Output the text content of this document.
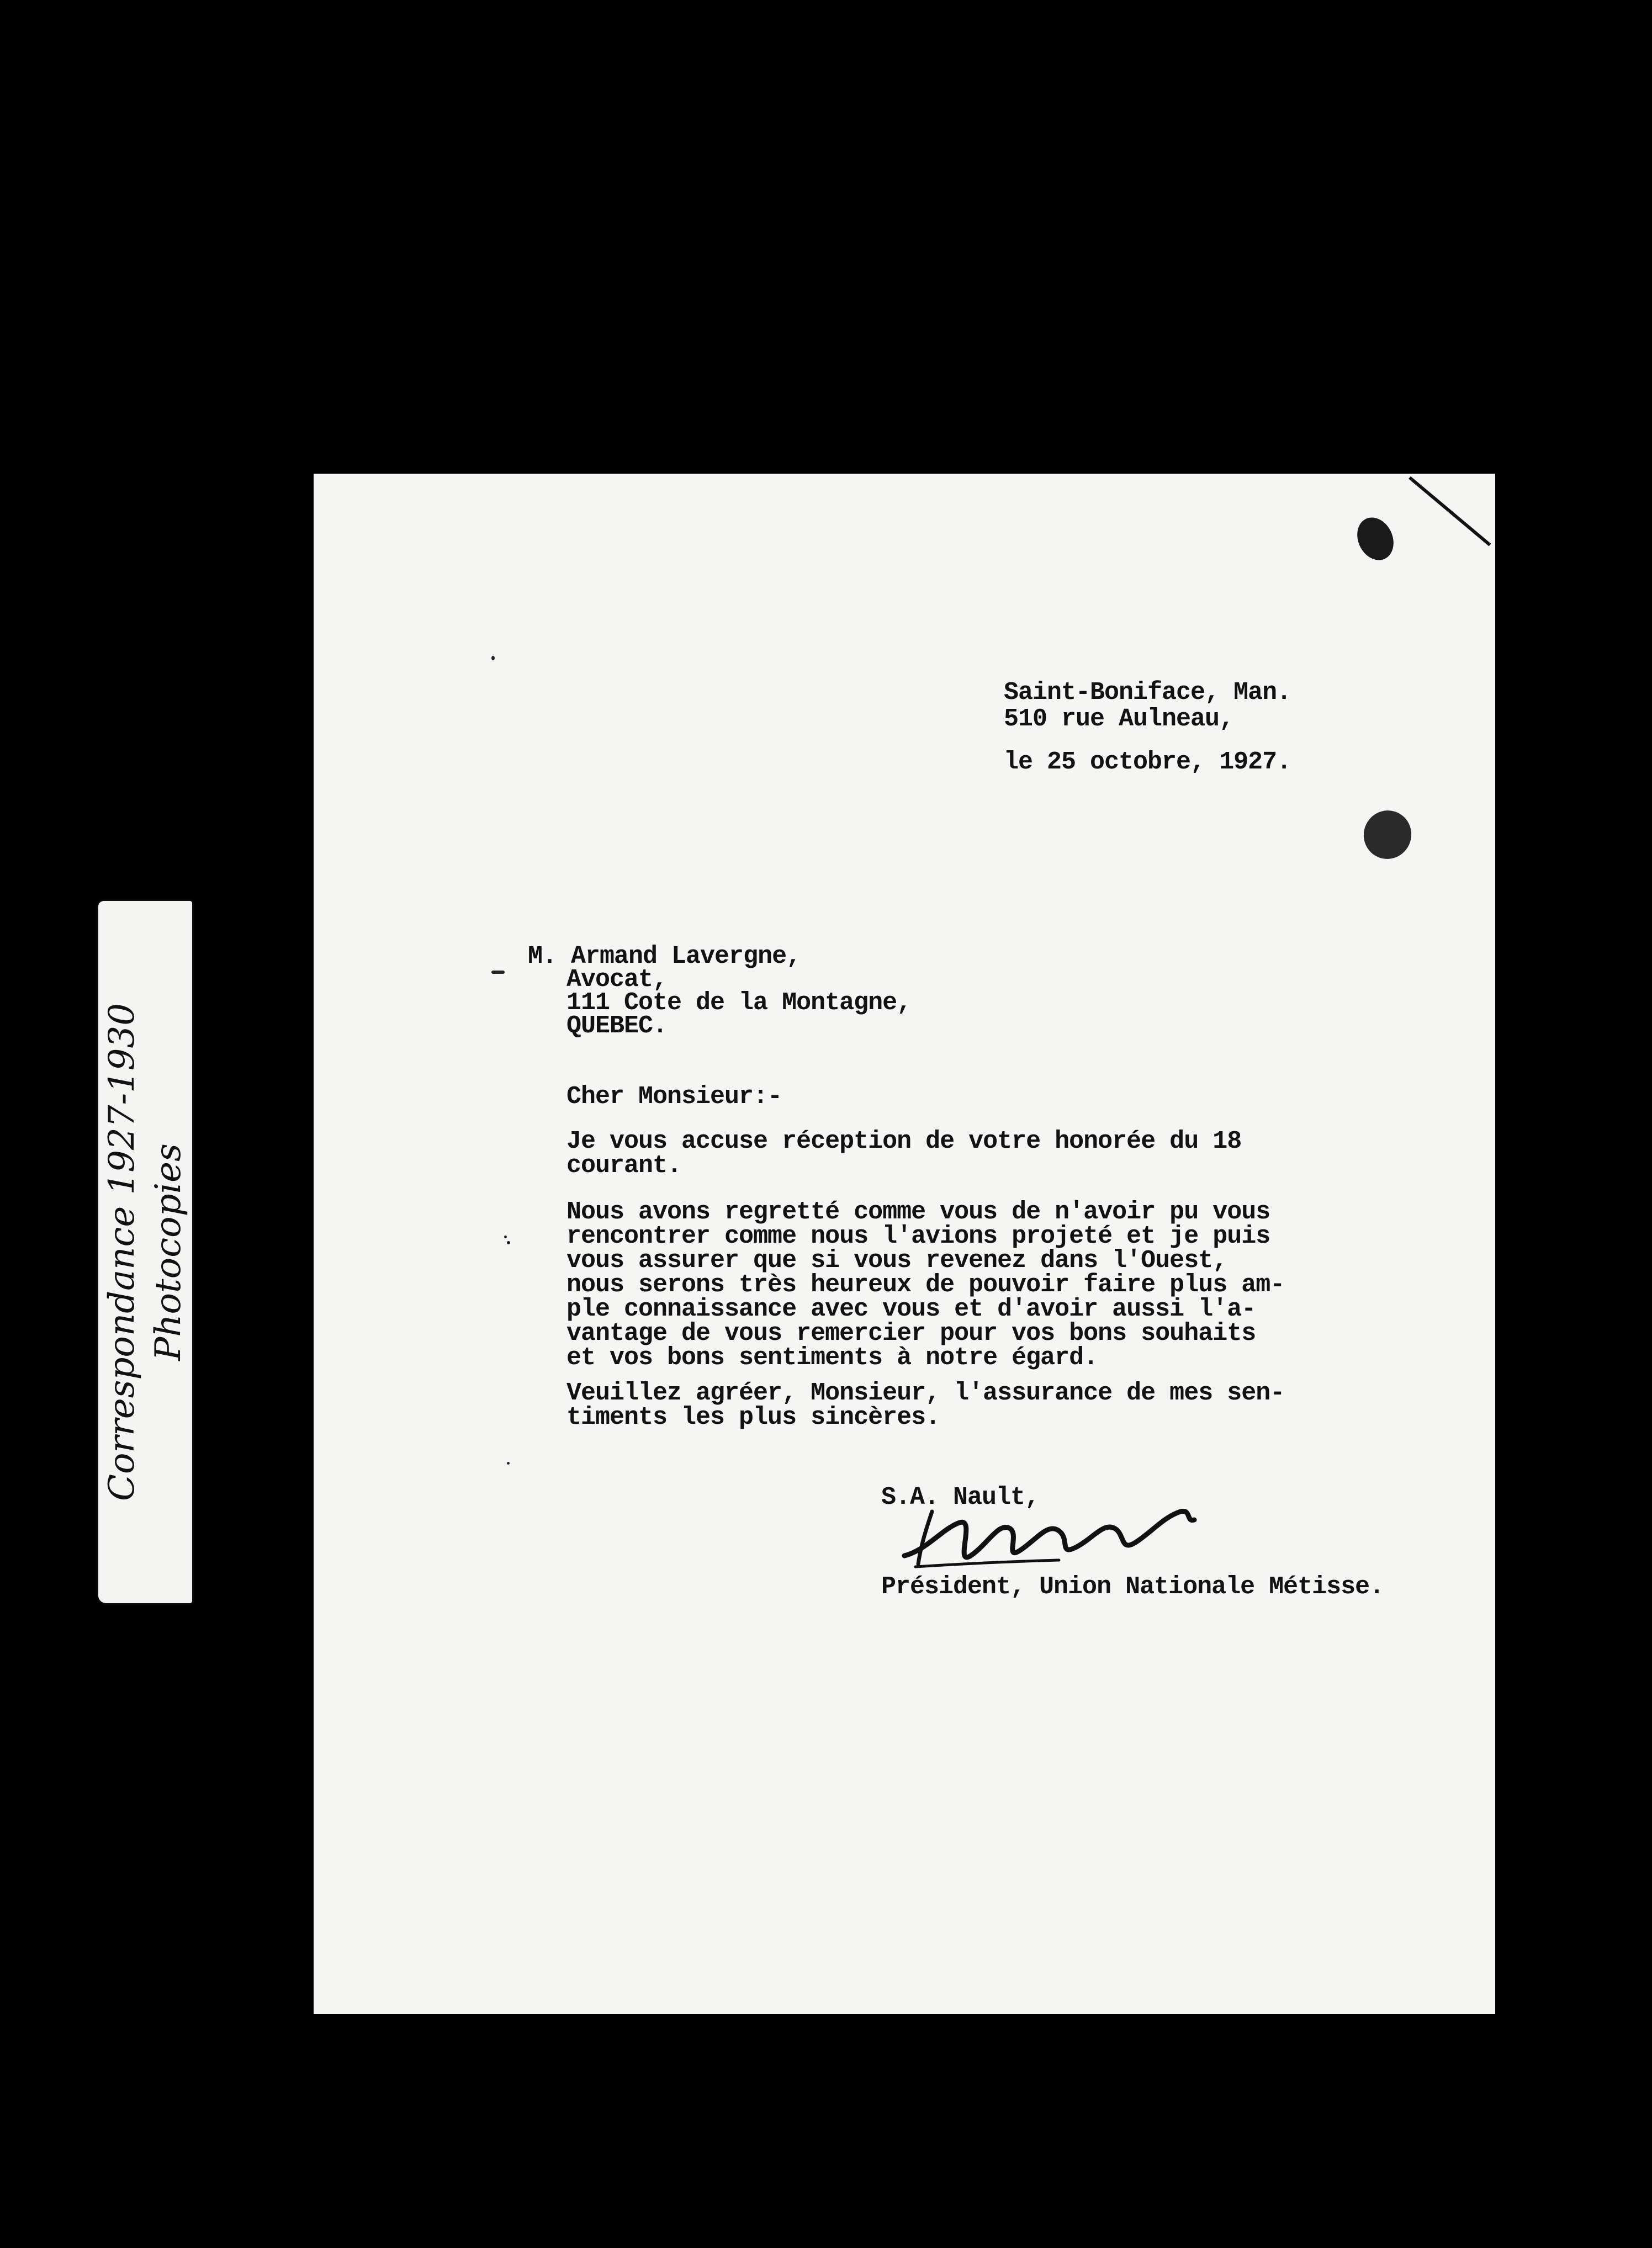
Correspondance 1927-1930
Photocopies

Saint-Boniface, Man.

510 rue Aulneau,

le 25 octobre, 1927.

M. Armand Lavergne,

Avocat,

111 Cote de la Montagne,

QUEBEC.

Cher Monsieur:-

Je vous accuse réception de votre honorée du 18
courant.

Nous avons regretté comme vous de n'avoir pu vous
rencontrer comme nous l'avions projeté et je puis
vous assurer que si vous revenez dans l'Ouest,
nous serons très heureux de pouvoir faire plus am-
ple connaissance avec vous et d'avoir aussi l'a-
vantage de vous remercier pour vos bons souhaits
et vos bons sentiments à notre égard.

Veuillez agréer, Monsieur, l'assurance de mes sen-
timents les plus sincères.

S.A. Nault,

Président, Union Nationale Métisse.
